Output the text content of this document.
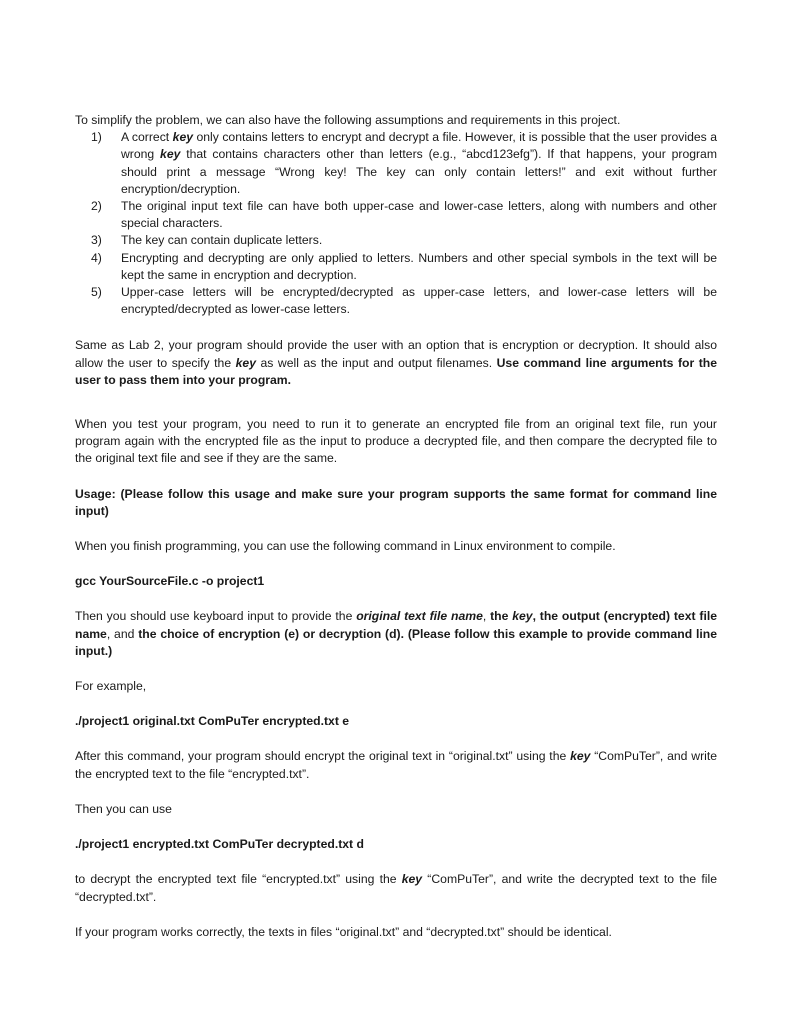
To simplify the problem, we can also have the following assumptions and requirements in this project.

1) A correct key only contains letters to encrypt and decrypt a file. However, it is possible that the user provides a wrong key that contains characters other than letters (e.g., “abcd123efg”). If that happens, your program should print a message “Wrong key! The key can only contain letters!” and exit without further encryption/decryption.
2) The original input text file can have both upper-case and lower-case letters, along with numbers and other special characters.
3) The key can contain duplicate letters.
4) Encrypting and decrypting are only applied to letters. Numbers and other special symbols in the text will be kept the same in encryption and decryption.
5) Upper-case letters will be encrypted/decrypted as upper-case letters, and lower-case letters will be encrypted/decrypted as lower-case letters.

Same as Lab 2, your program should provide the user with an option that is encryption or decryption. It should also allow the user to specify the key as well as the input and output filenames. Use command line arguments for the user to pass them into your program.

When you test your program, you need to run it to generate an encrypted file from an original text file, run your program again with the encrypted file as the input to produce a decrypted file, and then compare the decrypted file to the original text file and see if they are the same.

Usage: (Please follow this usage and make sure your program supports the same format for command line input)

When you finish programming, you can use the following command in Linux environment to compile.

gcc YourSourceFile.c -o project1

Then you should use keyboard input to provide the original text file name, the key, the output (encrypted) text file name, and the choice of encryption (e) or decryption (d). (Please follow this example to provide command line input.)

For example,

./project1 original.txt ComPuTer encrypted.txt e

After this command, your program should encrypt the original text in “original.txt” using the key “ComPuTer”, and write the encrypted text to the file “encrypted.txt”.

Then you can use

./project1 encrypted.txt ComPuTer decrypted.txt d

to decrypt the encrypted text file “encrypted.txt” using the key “ComPuTer”, and write the decrypted text to the file “decrypted.txt”.

If your program works correctly, the texts in files “original.txt” and “decrypted.txt” should be identical.
